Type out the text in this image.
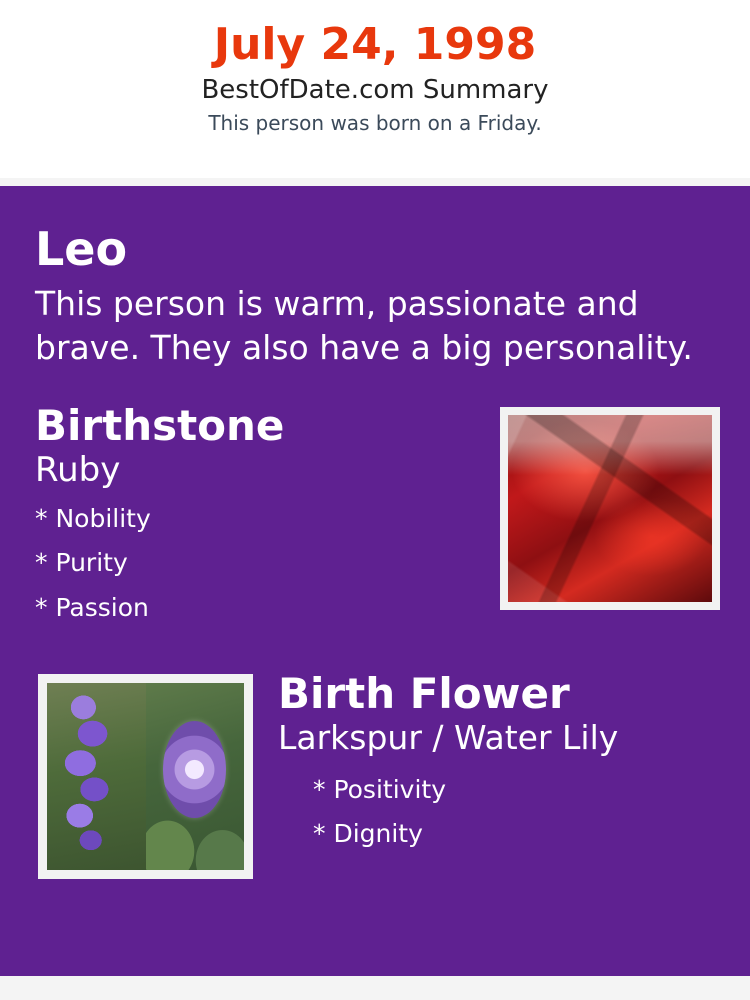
July 24, 1998
BestOfDate.com Summary
This person was born on a Friday.
Leo
This person is warm, passionate and brave. They also have a big personality.
Birthstone
Ruby
* Nobility
* Purity
* Passion
Birth Flower
Larkspur / Water Lily
* Positivity
* Dignity
